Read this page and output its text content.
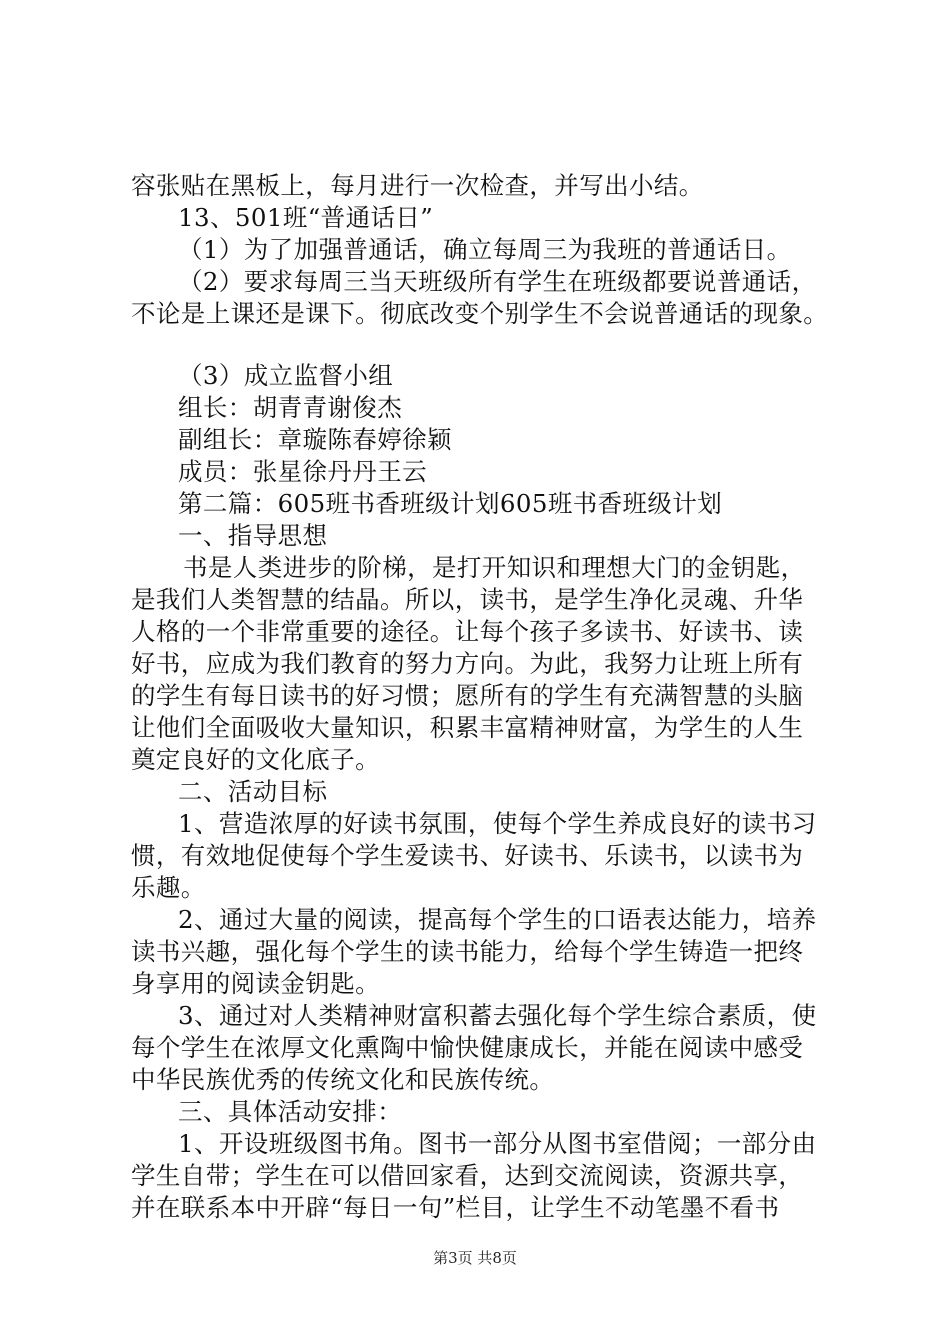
容张贴在黑板上，每月进行一次检查，并写出小结。
13、501班“普通话日”
（1）为了加强普通话，确立每周三为我班的普通话日。
（2）要求每周三当天班级所有学生在班级都要说普通话，
不论是上课还是课下。彻底改变个别学生不会说普通话的现象。
（3）成立监督小组
组长：胡青青谢俊杰
副组长：章璇陈春婷徐颖
成员：张星徐丹丹王云
第二篇：605班书香班级计划605班书香班级计划
一、指导思想
书是人类进步的阶梯，是打开知识和理想大门的金钥匙，
是我们人类智慧的结晶。所以，读书，是学生净化灵魂、升华
人格的一个非常重要的途径。让每个孩子多读书、好读书、读
好书，应成为我们教育的努力方向。为此，我努力让班上所有
的学生有每日读书的好习惯；愿所有的学生有充满智慧的头脑
让他们全面吸收大量知识，积累丰富精神财富，为学生的人生
奠定良好的文化底子。
二、活动目标
1、营造浓厚的好读书氛围，使每个学生养成良好的读书习
惯，有效地促使每个学生爱读书、好读书、乐读书，以读书为
乐趣。
2、通过大量的阅读，提高每个学生的口语表达能力，培养
读书兴趣，强化每个学生的读书能力，给每个学生铸造一把终
身享用的阅读金钥匙。
3、通过对人类精神财富积蓄去强化每个学生综合素质，使
每个学生在浓厚文化熏陶中愉快健康成长，并能在阅读中感受
中华民族优秀的传统文化和民族传统。
三、具体活动安排：
1、开设班级图书角。图书一部分从图书室借阅；一部分由
学生自带；学生在可以借回家看，达到交流阅读，资源共享，
并在联系本中开辟“每日一句”栏目，让学生不动笔墨不看书
第3页 共8页
